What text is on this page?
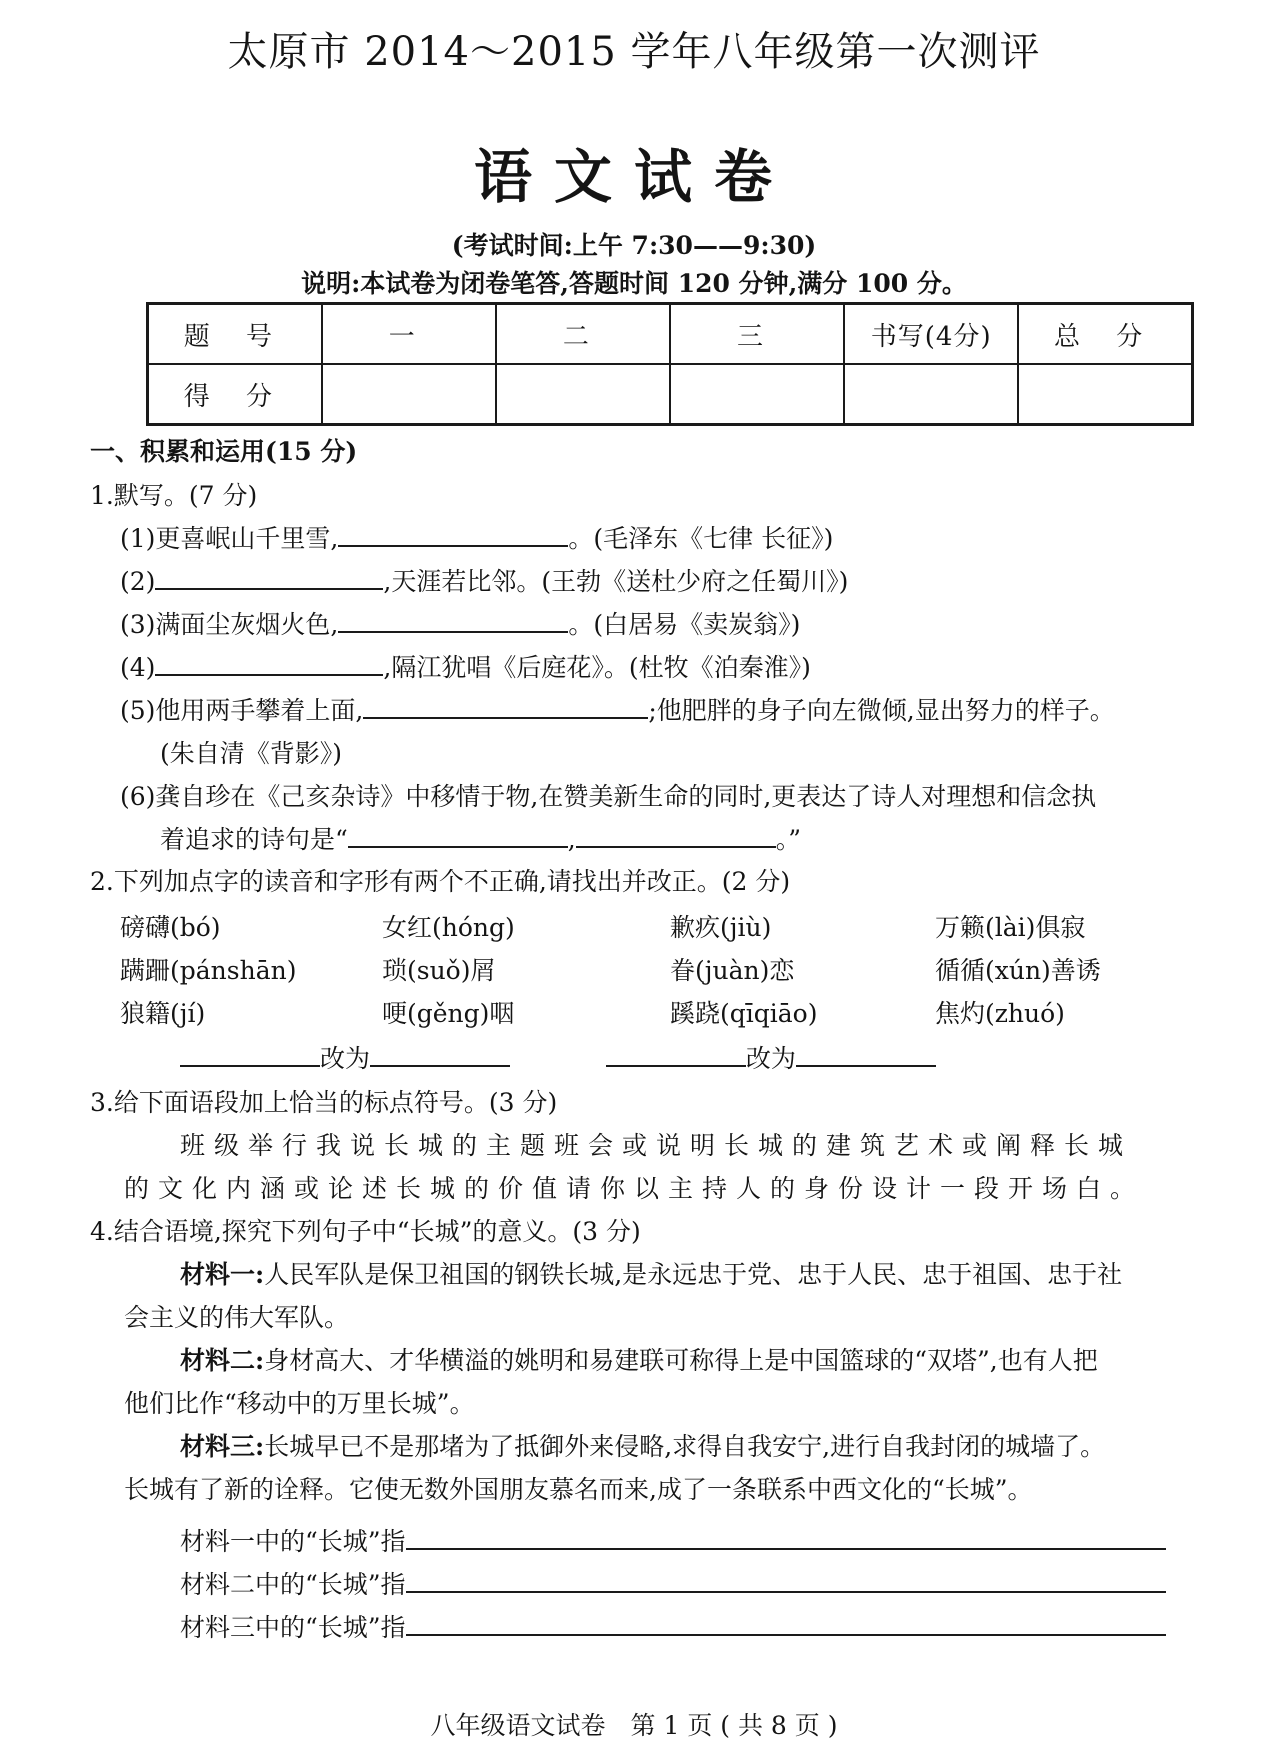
太原市 2014～2015 学年八年级第一次测评
语文试卷
(考试时间:上午 7:30——9:30)
说明:本试卷为闭卷笔答,答题时间 120 分钟,满分 100 分。
题 号	一	二	三	书写(4分)	总 分
得 分					
一、积累和运用(15 分)
1.默写。(7 分)
(1)更喜岷山千里雪,	。(毛泽东《七律 长征》)
(2)	,天涯若比邻。(王勃《送杜少府之任蜀川》)
(3)满面尘灰烟火色,	。(白居易《卖炭翁》)
(4)	,隔江犹唱《后庭花》。(杜牧《泊秦淮》)
(5)他用两手攀着上面,	;他肥胖的身子向左微倾,显出努力的样子。
(朱自清《背影》)
(6)龚自珍在《己亥杂诗》中移情于物,在赞美新生命的同时,更表达了诗人对理想和信念执
着追求的诗句是“	,	。”
2.下列加点字的读音和字形有两个不正确,请找出并改正。(2 分)
磅礴(bó)	女红(hóng)	歉疚(jiù)	万籁(lài)俱寂
蹒跚(pánshān)	琐(suǒ)屑	眷(juàn)恋	循循(xún)善诱
狼籍(jí)	哽(gěng)咽	蹊跷(qīqiāo)	焦灼(zhuó)
改为	改为
3.给下面语段加上恰当的标点符号。(3 分)
班级举行我说长城的主题班会或说明长城的建筑艺术或阐释长城
的文化内涵或论述长城的价值请你以主持人的身份设计一段开场白。
4.结合语境,探究下列句子中“长城”的意义。(3 分)
材料一:人民军队是保卫祖国的钢铁长城,是永远忠于党、忠于人民、忠于祖国、忠于社
会主义的伟大军队。
材料二:身材高大、才华横溢的姚明和易建联可称得上是中国篮球的“双塔”,也有人把
他们比作“移动中的万里长城”。
材料三:长城早已不是那堵为了抵御外来侵略,求得自我安宁,进行自我封闭的城墙了。
长城有了新的诠释。它使无数外国朋友慕名而来,成了一条联系中西文化的“长城”。
材料一中的“长城”指
材料二中的“长城”指
材料三中的“长城”指
八年级语文试卷　第 1 页 ( 共 8 页 )
